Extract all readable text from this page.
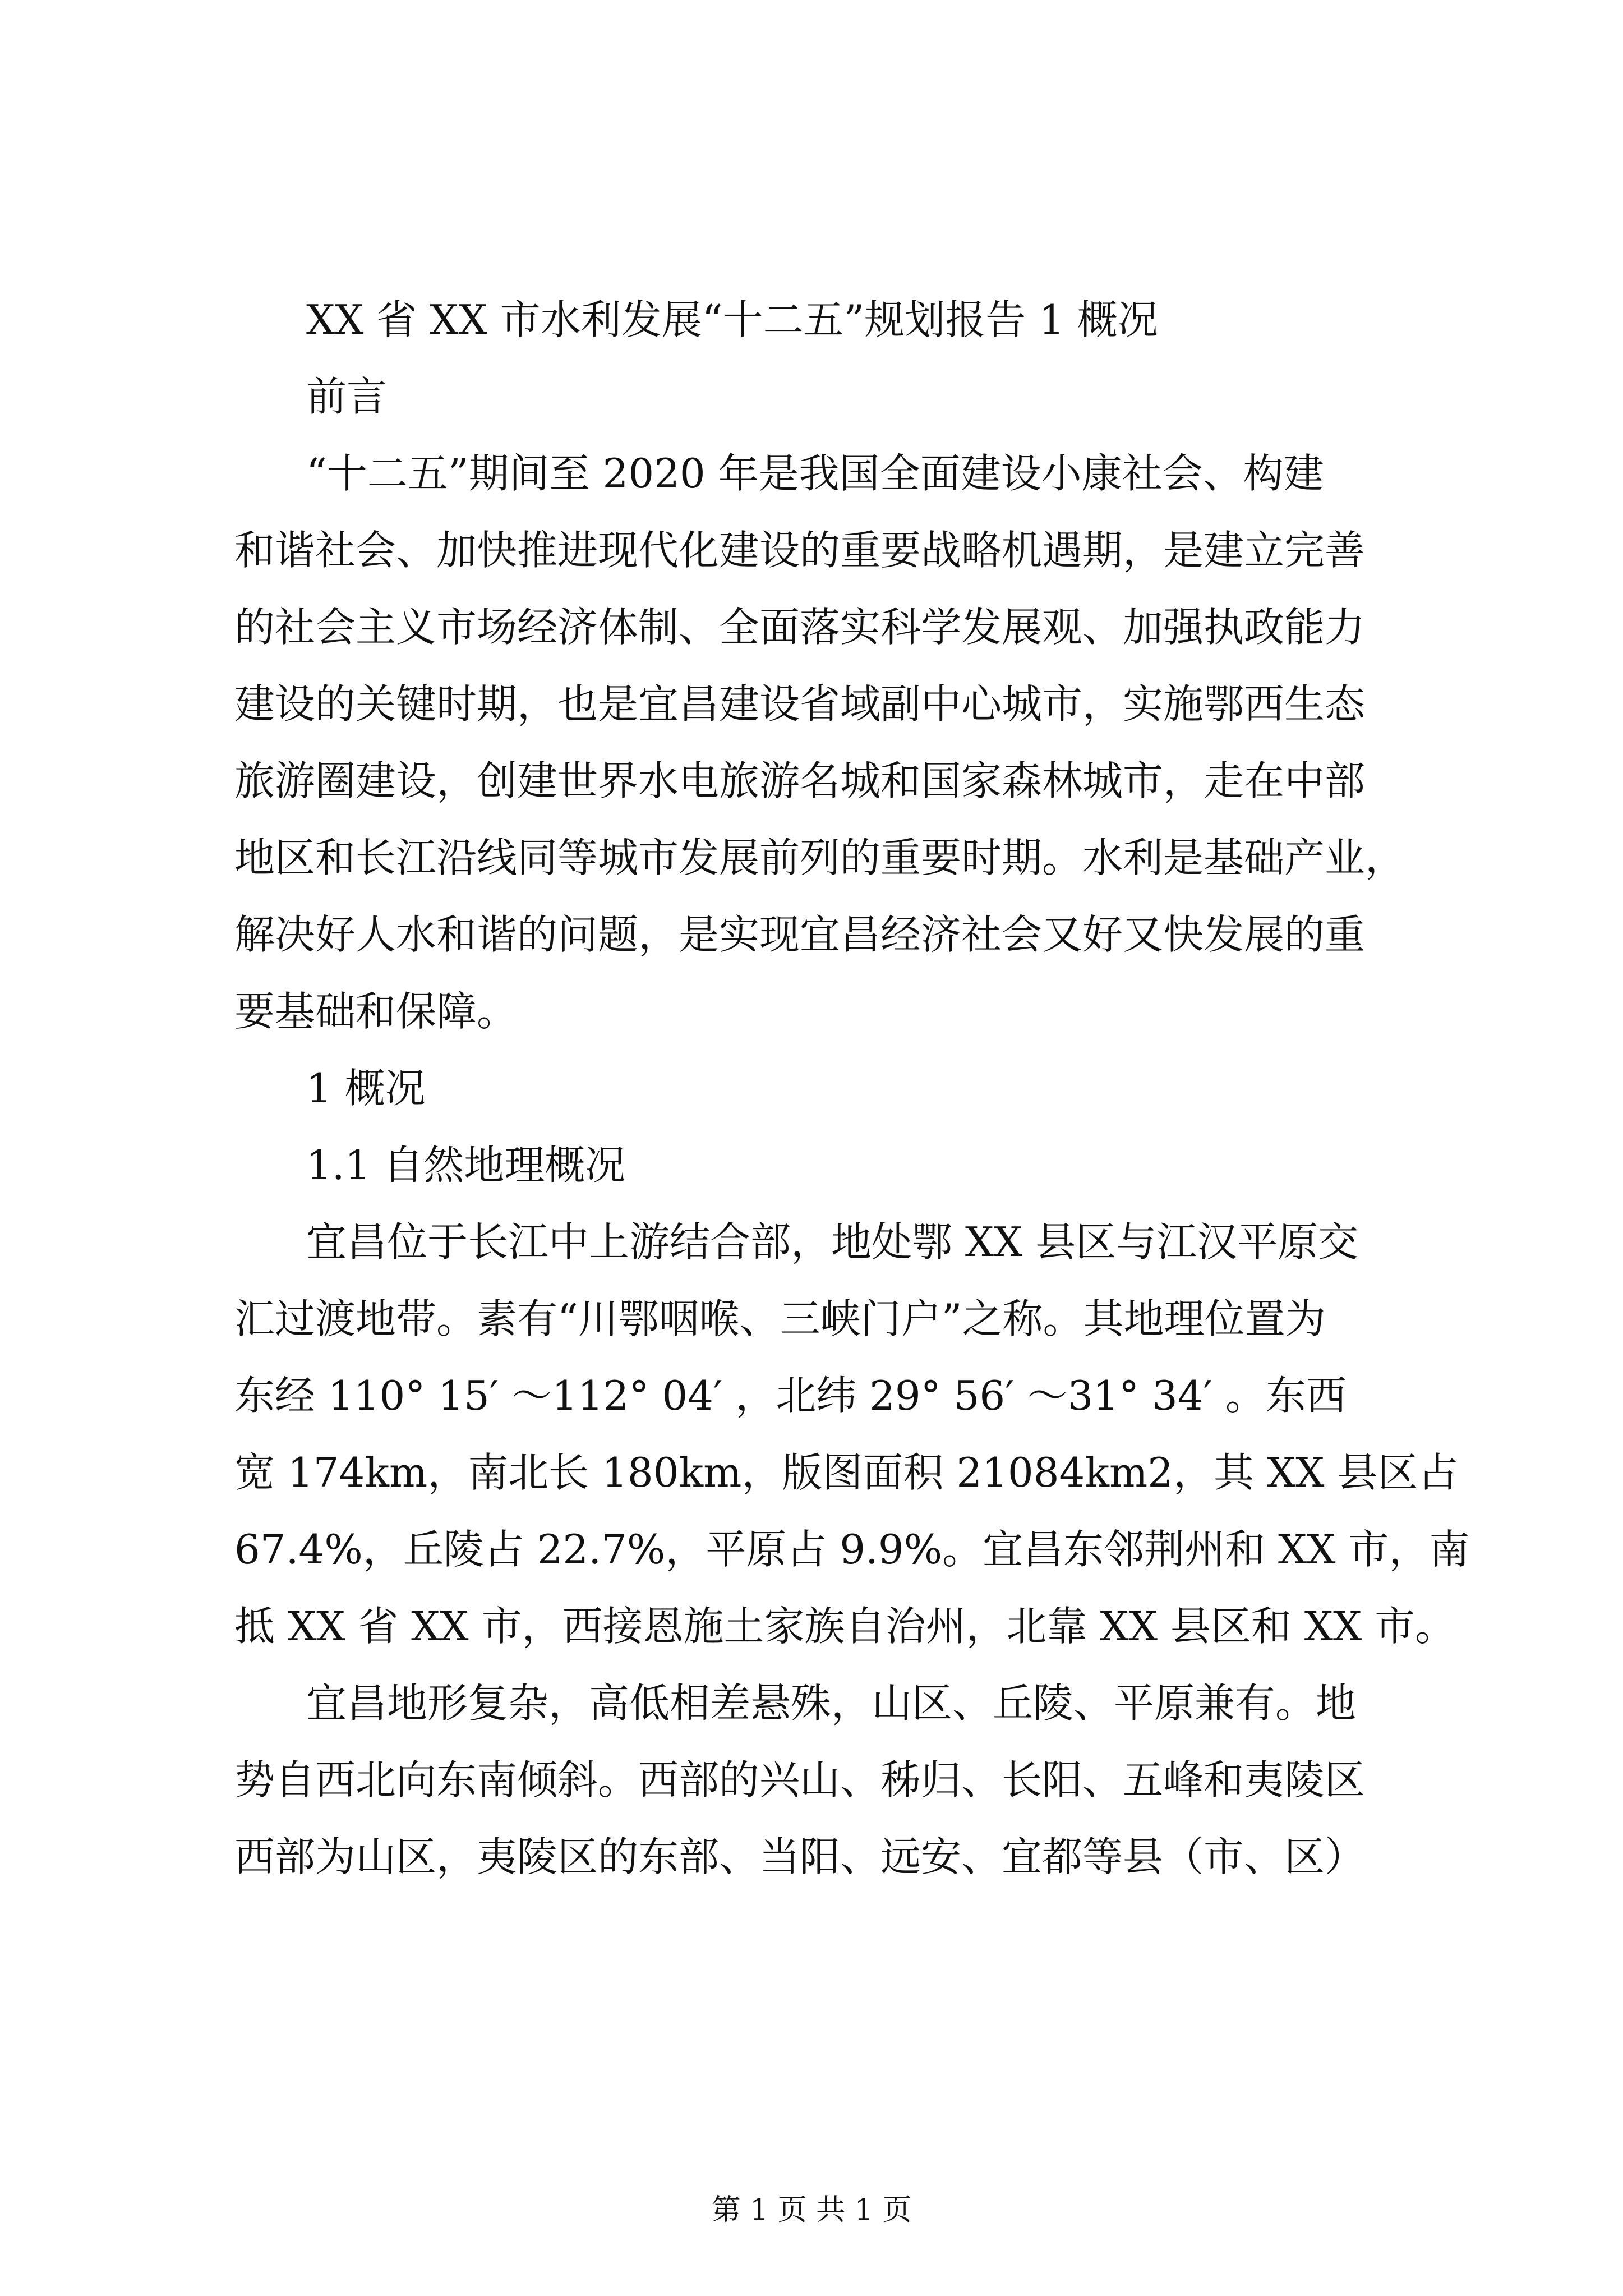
XX 省 XX 市水利发展“十二五”规划报告 1 概况
前言
“十二五”期间至 2020 年是我国全面建设小康社会、构建
和谐社会、加快推进现代化建设的重要战略机遇期，是建立完善
的社会主义市场经济体制、全面落实科学发展观、加强执政能力
建设的关键时期，也是宜昌建设省域副中心城市，实施鄂西生态
旅游圈建设，创建世界水电旅游名城和国家森林城市，走在中部
地区和长江沿线同等城市发展前列的重要时期。水利是基础产业，
解决好人水和谐的问题，是实现宜昌经济社会又好又快发展的重
要基础和保障。
1 概况
1.1 自然地理概况
宜昌位于长江中上游结合部，地处鄂 XX 县区与江汉平原交
汇过渡地带。素有“川鄂咽喉、三峡门户”之称。其地理位置为
东经 110° 15′ ～112° 04′ ，北纬 29° 56′ ～31° 34′ 。东西
宽 174km，南北长 180km，版图面积 21084km2，其 XX 县区占
67.4%，丘陵占 22.7%，平原占 9.9%。宜昌东邻荆州和 XX 市，南
抵 XX 省 XX 市，西接恩施土家族自治州，北靠 XX 县区和 XX 市。
宜昌地形复杂，高低相差悬殊，山区、丘陵、平原兼有。地
势自西北向东南倾斜。西部的兴山、秭归、长阳、五峰和夷陵区
西部为山区，夷陵区的东部、当阳、远安、宜都等县（市、区）
第 1 页 共 1 页
